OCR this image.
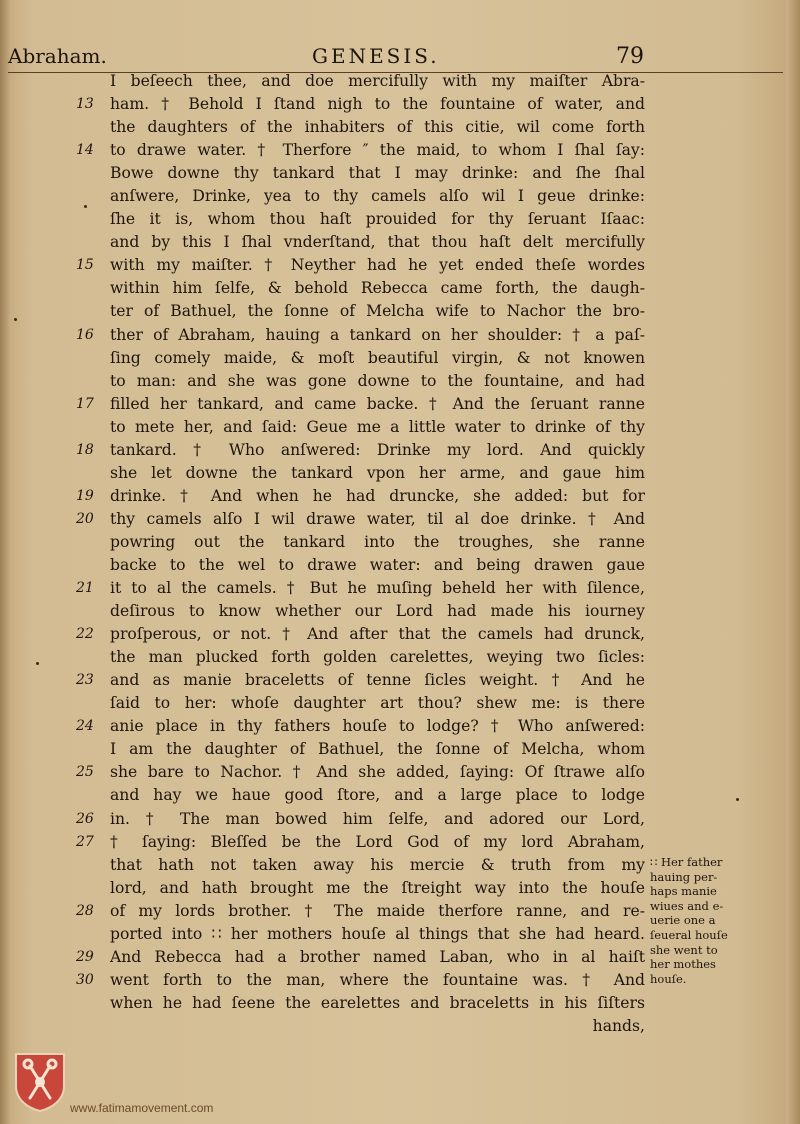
Abraham.	GENESIS.	79
I beſeech thee, and doe mercifully with my maiſter Abra-
13	ham. † Behold I ſtand nigh to the fountaine of water, and
the daughters of the inhabiters of this citie, wil come forth
14	to drawe water. † Therfore ″ the maid, to whom I ſhal ſay:
Bowe downe thy tankard that I may drinke: and ſhe ſhal
anſwere, Drinke, yea to thy camels alſo wil I geue drinke:
ſhe it is, whom thou haſt prouided for thy ſeruant Iſaac:
and by this I ſhal vnderſtand, that thou haſt delt mercifully
15	with my maiſter. † Neyther had he yet ended theſe wordes
within him ſelfe, & behold Rebecca came forth, the daugh-
ter of Bathuel, the ſonne of Melcha wife to Nachor the bro-
16	ther of Abraham, hauing a tankard on her shoulder: † a paſ-
ſing comely maide, & moſt beautiful virgin, & not knowen
to man: and she was gone downe to the fountaine, and had
17	filled her tankard, and came backe. † And the ſeruant ranne
to mete her, and ſaid: Geue me a little water to drinke of thy
18	tankard. † Who anſwered: Drinke my lord. And quickly
she let downe the tankard vpon her arme, and gaue him
19	drinke. † And when he had druncke, she added: but for
20	thy camels alſo I wil drawe water, til al doe drinke. † And
powring out the tankard into the troughes, she ranne
backe to the wel to drawe water: and being drawen gaue
21	it to al the camels. † But he muſing beheld her with ſilence,
deſirous to know whether our Lord had made his iourney
22	proſperous, or not. † And after that the camels had drunck,
the man plucked forth golden carelettes, weying two ſicles:
23	and as manie braceletts of tenne ſicles weight. † And he
ſaid to her: whoſe daughter art thou? shew me: is there
24	anie place in thy fathers houſe to lodge? † Who anſwered:
I am the daughter of Bathuel, the ſonne of Melcha, whom
25	she bare to Nachor. † And she added, ſaying: Of ſtrawe alſo
and hay we haue good ſtore, and a large place to lodge
26	in. † The man bowed him ſelfe, and adored our Lord,
27	† ſaying: Bleſſed be the Lord God of my lord Abraham,
that hath not taken away his mercie & truth from my
lord, and hath brought me the ſtreight way into the houſe
28	of my lords brother. † The maide therfore ranne, and re-
ported into ∷ her mothers houſe al things that she had heard.
29	And Rebecca had a brother named Laban, who in al haiſt
30	went forth to the man, where the fountaine was. † And
when he had ſeene the earelettes and braceletts in his ſiſters
hands,
∷ Her father
hauing per-
haps manie
wiues and e-
uerie one a
ſeueral houſe
she went to
her mothes
houſe.
www.fatimamovement.com
